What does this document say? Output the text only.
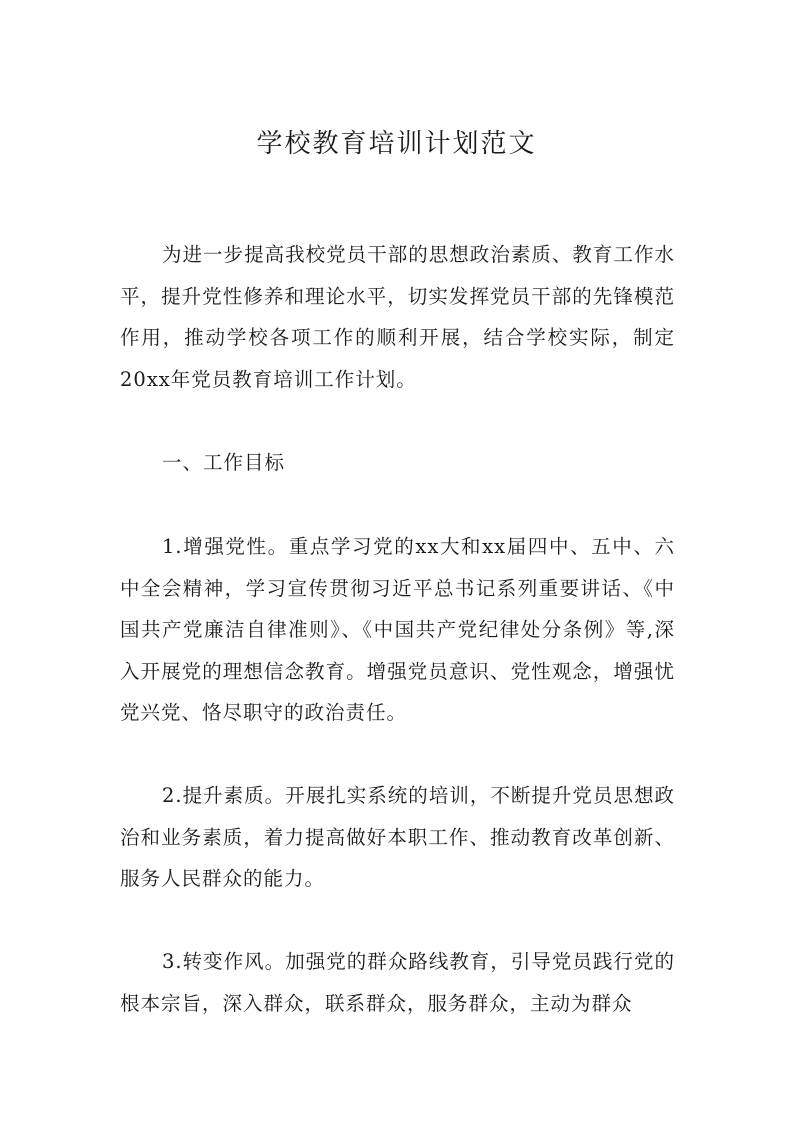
学校教育培训计划范文

为进一步提高我校党员干部的思想政治素质、教育工作水平，提升党性修养和理论水平，切实发挥党员干部的先锋模范作用，推动学校各项工作的顺利开展，结合学校实际，制定20xx年党员教育培训工作计划。

一、工作目标

1.增强党性。重点学习党的xx大和xx届四中、五中、六中全会精神，学习宣传贯彻习近平总书记系列重要讲话、《中国共产党廉洁自律准则》、《中国共产党纪律处分条例》等,深入开展党的理想信念教育。增强党员意识、党性观念，增强忧党兴党、恪尽职守的政治责任。

2.提升素质。开展扎实系统的培训，不断提升党员思想政治和业务素质，着力提高做好本职工作、推动教育改革创新、服务人民群众的能力。

3.转变作风。加强党的群众路线教育，引导党员践行党的根本宗旨，深入群众，联系群众，服务群众，主动为群众
